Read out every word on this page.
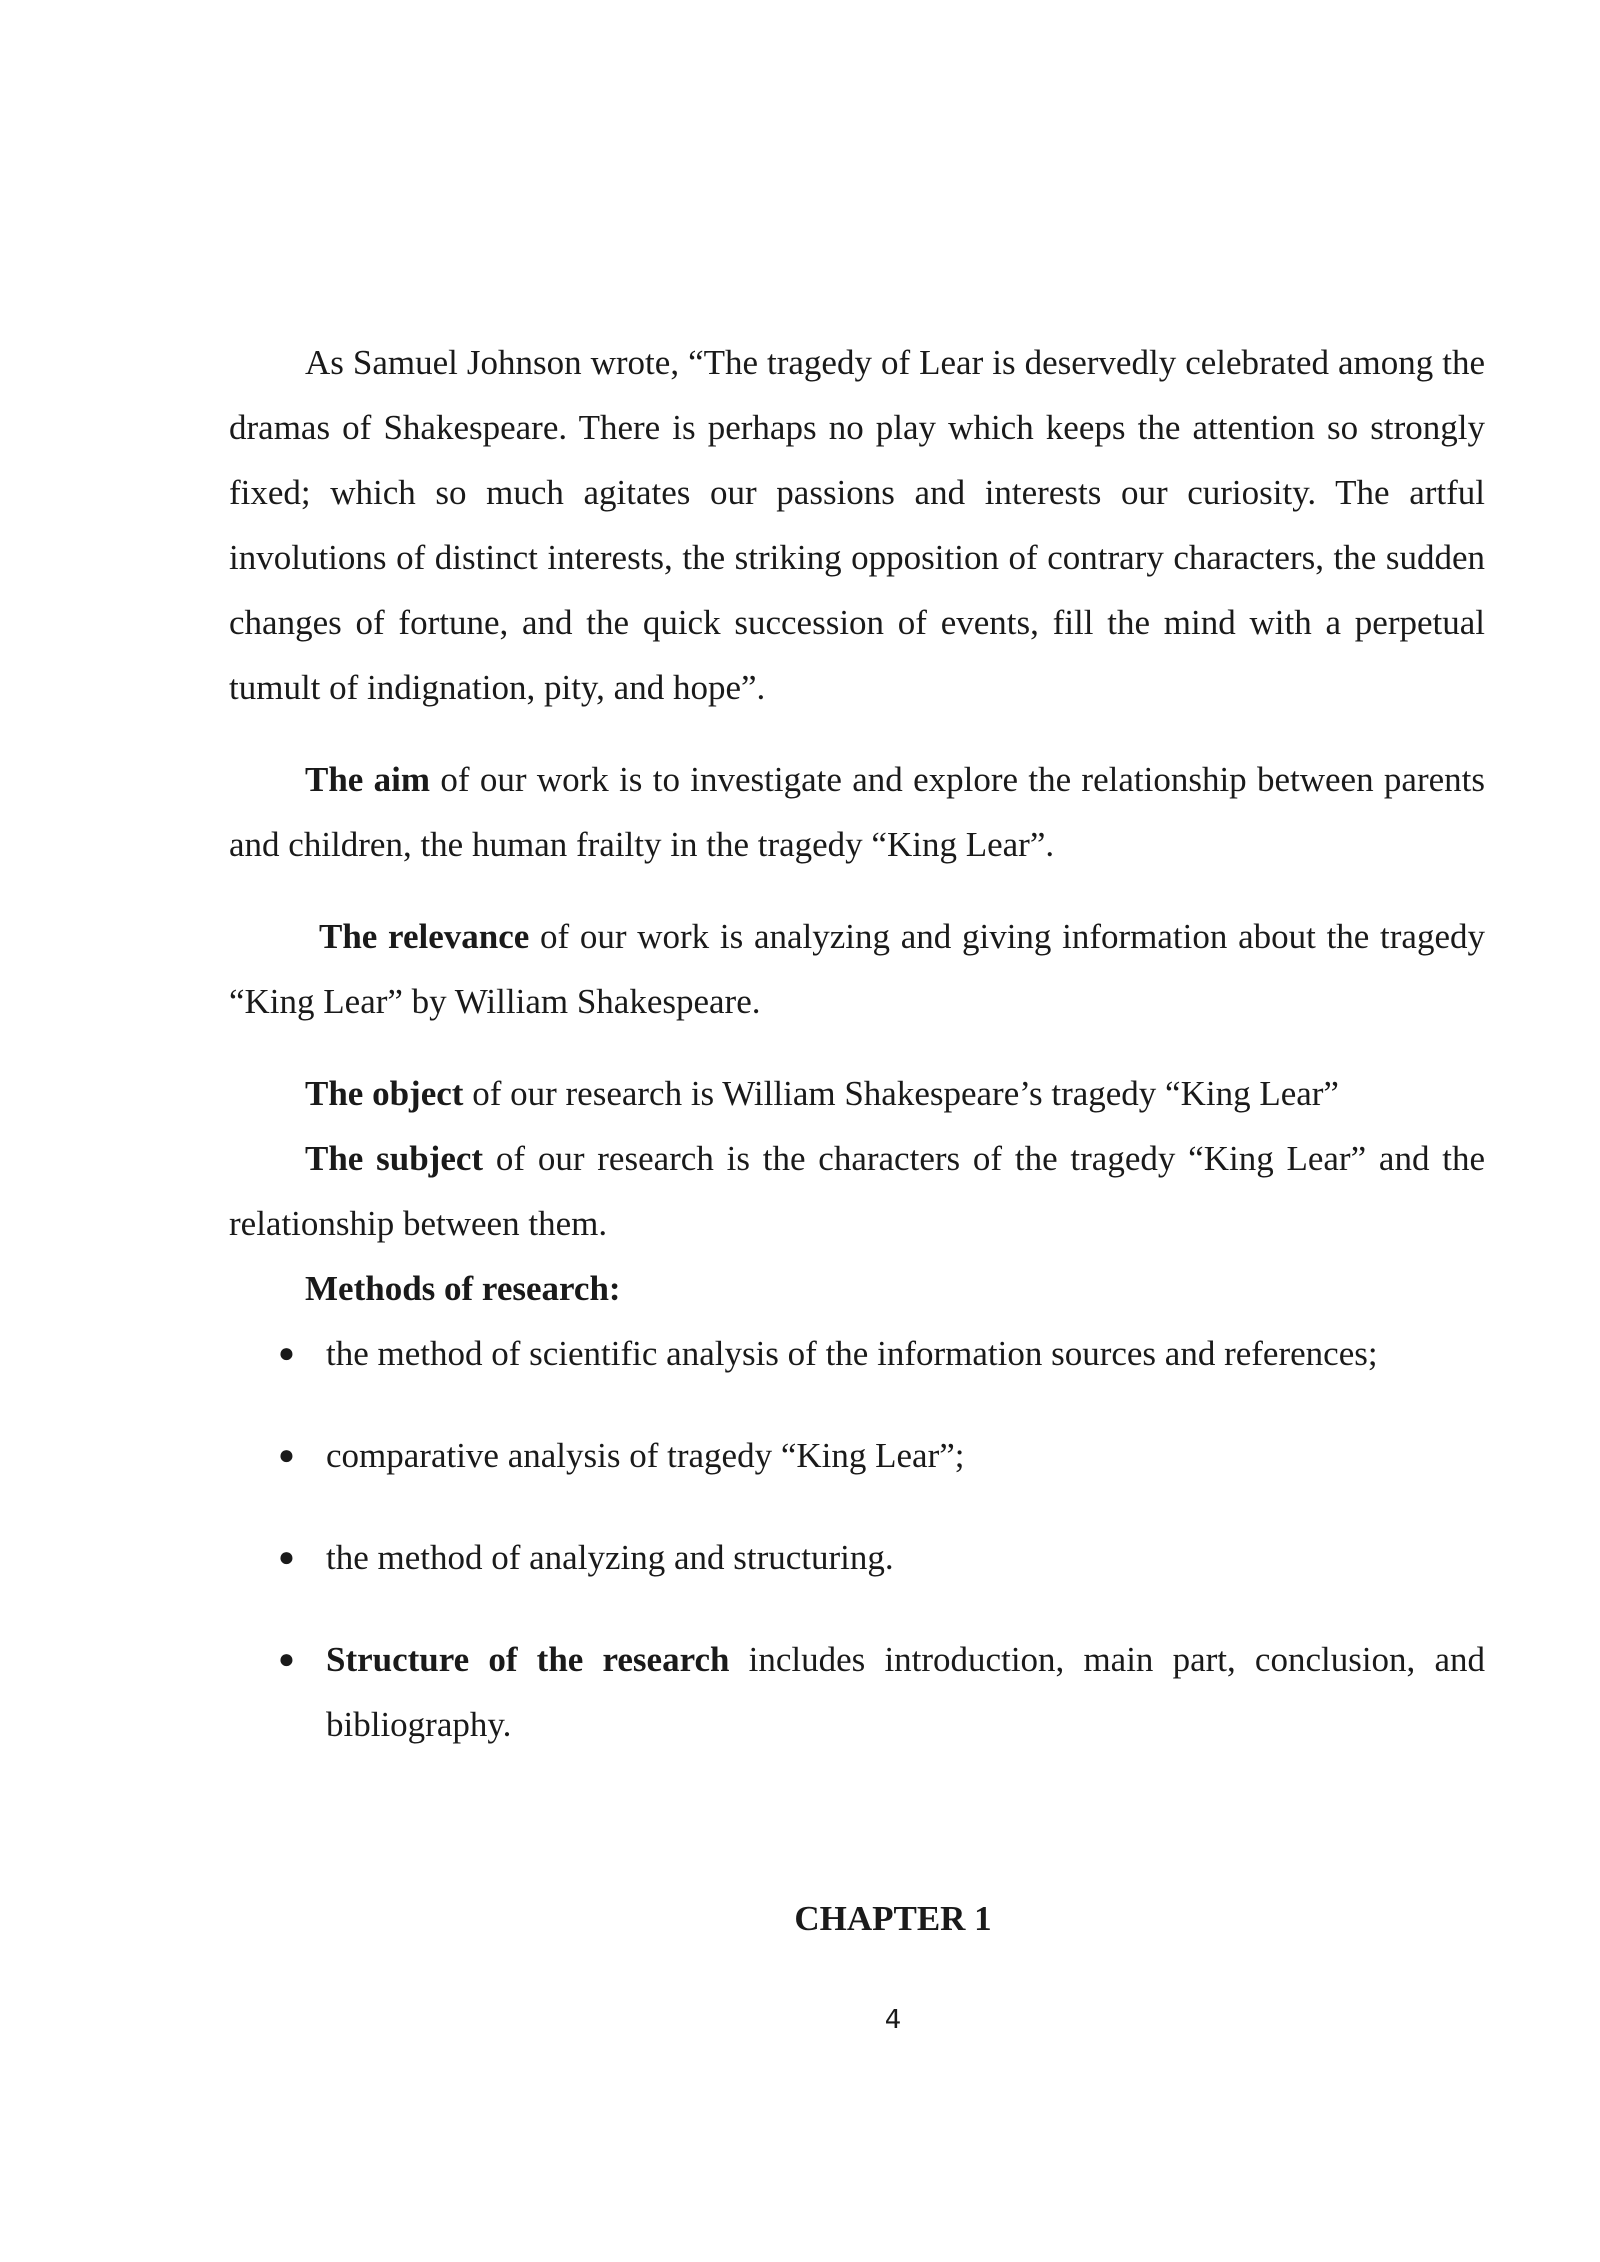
As Samuel Johnson wrote, “The tragedy of Lear is deservedly celebrated among the dramas of Shakespeare. There is perhaps no play which keeps the attention so strongly fixed; which so much agitates our passions and interests our curiosity. The artful involutions of distinct interests, the striking opposition of contrary characters, the sudden changes of fortune, and the quick succession of events, fill the mind with a perpetual tumult of indignation, pity, and hope”.

The aim of our work is to investigate and explore the relationship between parents and children, the human frailty in the tragedy “King Lear”.

The relevance of our work is analyzing and giving information about the tragedy “King Lear” by William Shakespeare.

The object of our research is William Shakespeare’s tragedy “King Lear”

The subject of our research is the characters of the tragedy “King Lear” and the relationship between them.

Methods of research:

● the method of scientific analysis of the information sources and references;
● comparative analysis of tragedy “King Lear”;
● the method of analyzing and structuring.
● Structure of the research includes introduction, main part, conclusion, and bibliography.
CHAPTER 1
4
